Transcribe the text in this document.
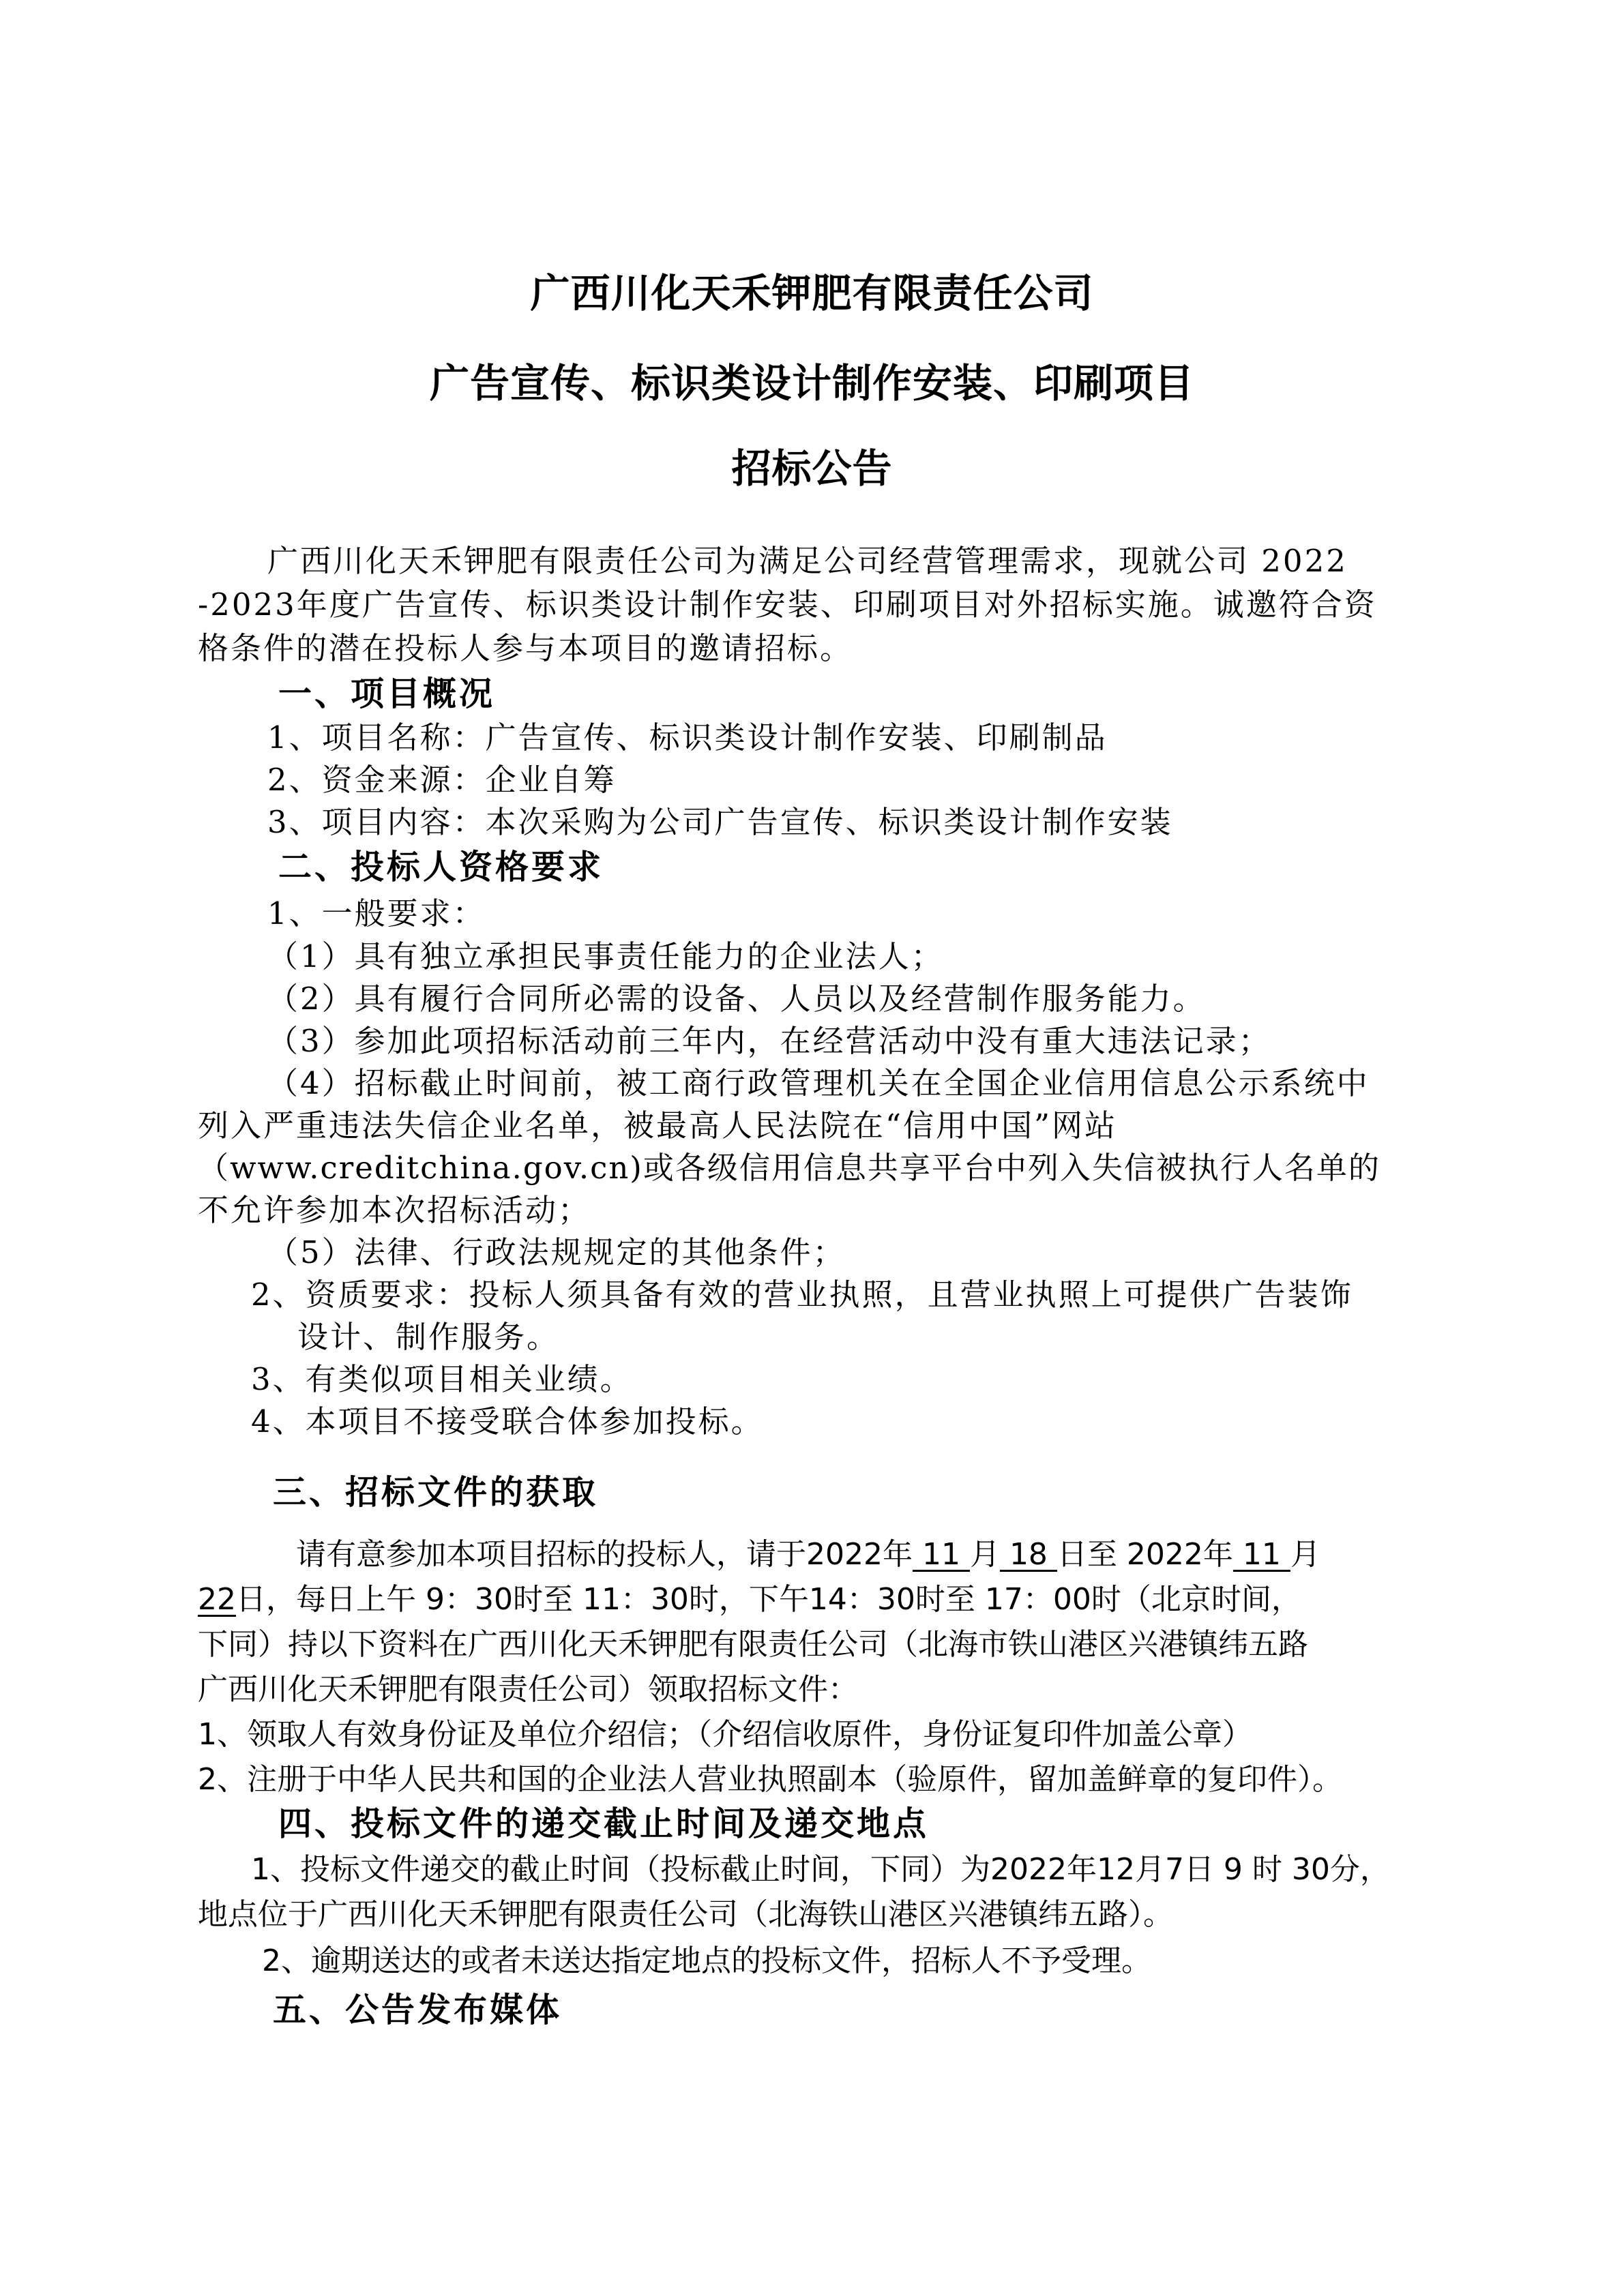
广西川化天禾钾肥有限责任公司
广告宣传、标识类设计制作安装、印刷项目
招标公告
广西川化天禾钾肥有限责任公司为满足公司经营管理需求，现就公司 2022
-2023年度广告宣传、标识类设计制作安装、印刷项目对外招标实施。诚邀符合资
格条件的潜在投标人参与本项目的邀请招标。
一、项目概况
1、项目名称：广告宣传、标识类设计制作安装、印刷制品
2、资金来源：企业自筹
3、项目内容：本次采购为公司广告宣传、标识类设计制作安装
二、投标人资格要求
1、一般要求：
（1）具有独立承担民事责任能力的企业法人；
（2）具有履行合同所必需的设备、人员以及经营制作服务能力。
（3）参加此项招标活动前三年内，在经营活动中没有重大违法记录；
（4）招标截止时间前，被工商行政管理机关在全国企业信用信息公示系统中
列入严重违法失信企业名单，被最高人民法院在“信用中国”网站
（www.creditchina.gov.cn)或各级信用信息共享平台中列入失信被执行人名单的
不允许参加本次招标活动；
（5）法律、行政法规规定的其他条件；
2、资质要求：投标人须具备有效的营业执照，且营业执照上可提供广告装饰
设计、制作服务。
3、有类似项目相关业绩。
4、本项目不接受联合体参加投标。
三、招标文件的获取
请有意参加本项目招标的投标人，请于2022年 11 月 18 日至 2022年 11 月
22日，每日上午 9：30时至 11：30时，下午14：30时至 17：00时（北京时间，
下同）持以下资料在广西川化天禾钾肥有限责任公司（北海市铁山港区兴港镇纬五路
广西川化天禾钾肥有限责任公司）领取招标文件：
1、领取人有效身份证及单位介绍信；（介绍信收原件，身份证复印件加盖公章）
2、注册于中华人民共和国的企业法人营业执照副本（验原件，留加盖鲜章的复印件）。
四、投标文件的递交截止时间及递交地点
1、投标文件递交的截止时间（投标截止时间，下同）为2022年12月7日 9 时 30分，
地点位于广西川化天禾钾肥有限责任公司（北海铁山港区兴港镇纬五路）。
2、逾期送达的或者未送达指定地点的投标文件，招标人不予受理。
五、公告发布媒体
